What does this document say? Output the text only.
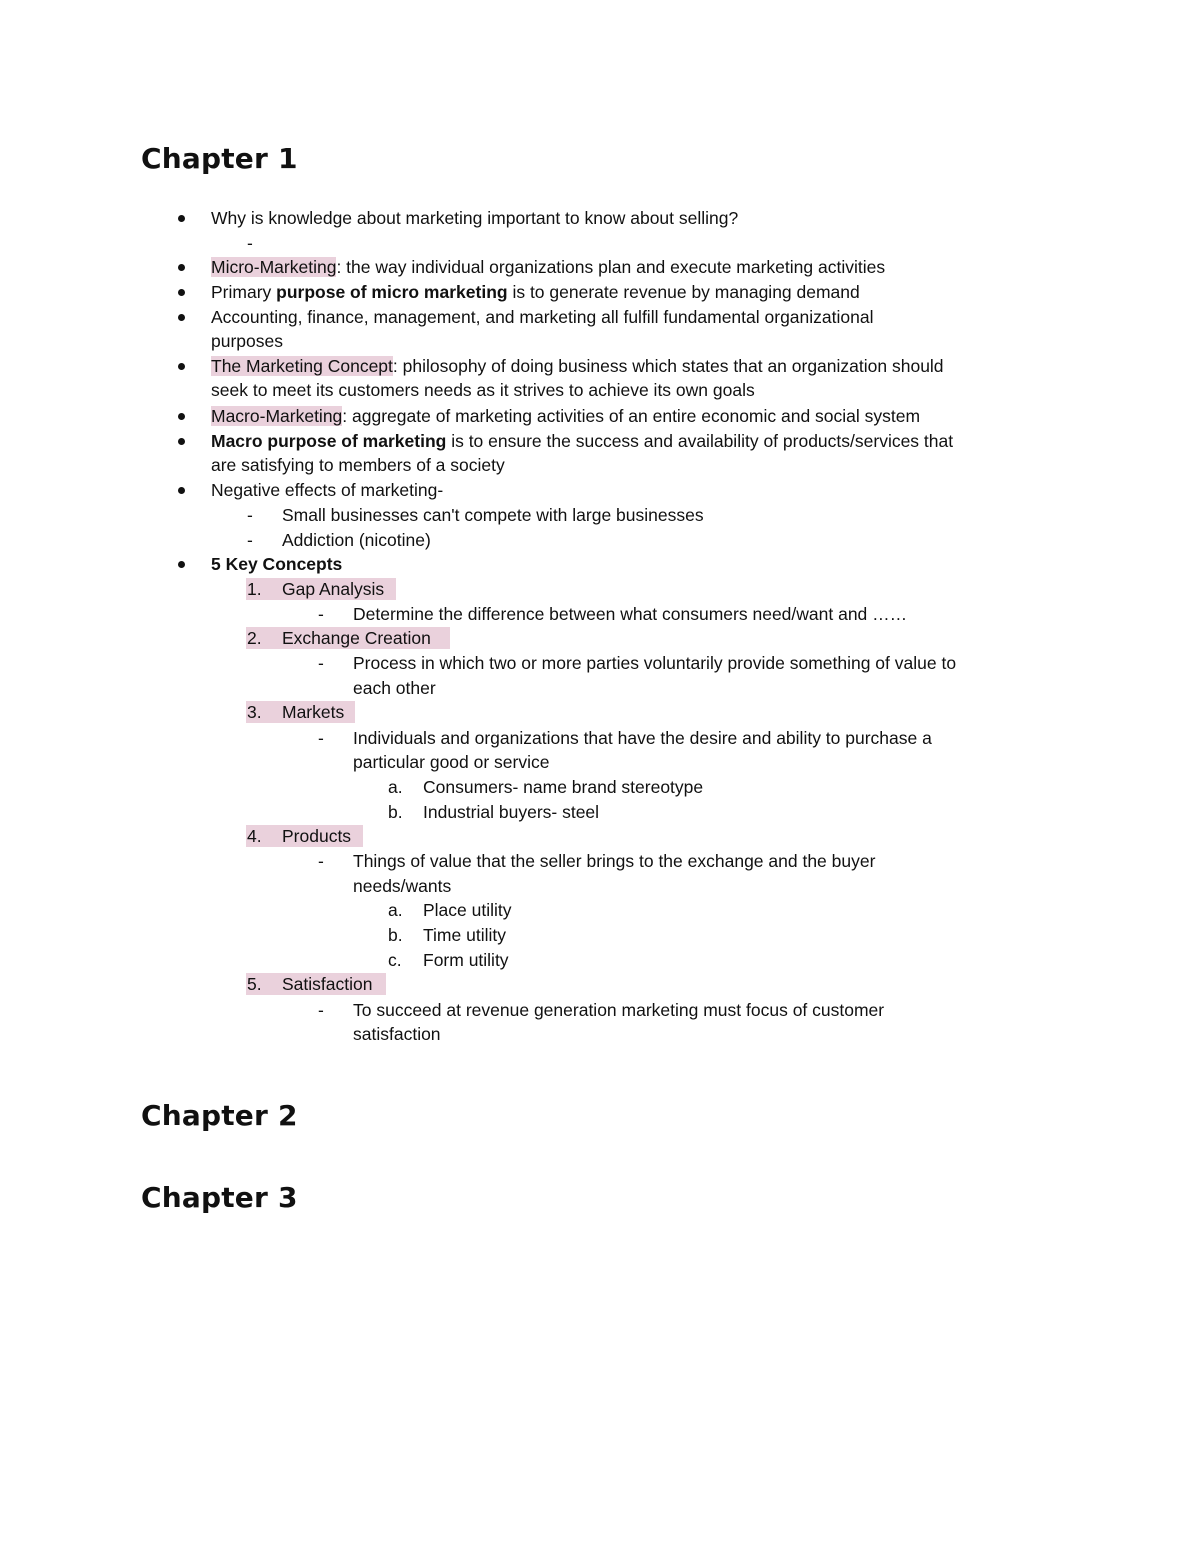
Chapter 1
Why is knowledge about marketing important to know about selling?
-
Micro-Marketing: the way individual organizations plan and execute marketing activities
Primary purpose of micro marketing is to generate revenue by managing demand
Accounting, finance, management, and marketing all fulfill fundamental organizational
purposes
The Marketing Concept: philosophy of doing business which states that an organization should
seek to meet its customers needs as it strives to achieve its own goals
Macro-Marketing: aggregate of marketing activities of an entire economic and social system
Macro purpose of marketing is to ensure the success and availability of products/services that
are satisfying to members of a society
Negative effects of marketing-
- Small businesses can't compete with large businesses
- Addiction (nicotine)
5 Key Concepts
1. Gap Analysis
- Determine the difference between what consumers need/want and ……
2. Exchange Creation
- Process in which two or more parties voluntarily provide something of value to
each other
3. Markets
- Individuals and organizations that have the desire and ability to purchase a
particular good or service
a. Consumers- name brand stereotype
b. Industrial buyers- steel
4. Products
- Things of value that the seller brings to the exchange and the buyer
needs/wants
a. Place utility
b. Time utility
c. Form utility
5. Satisfaction
- To succeed at revenue generation marketing must focus of customer
satisfaction
Chapter 2
Chapter 3
